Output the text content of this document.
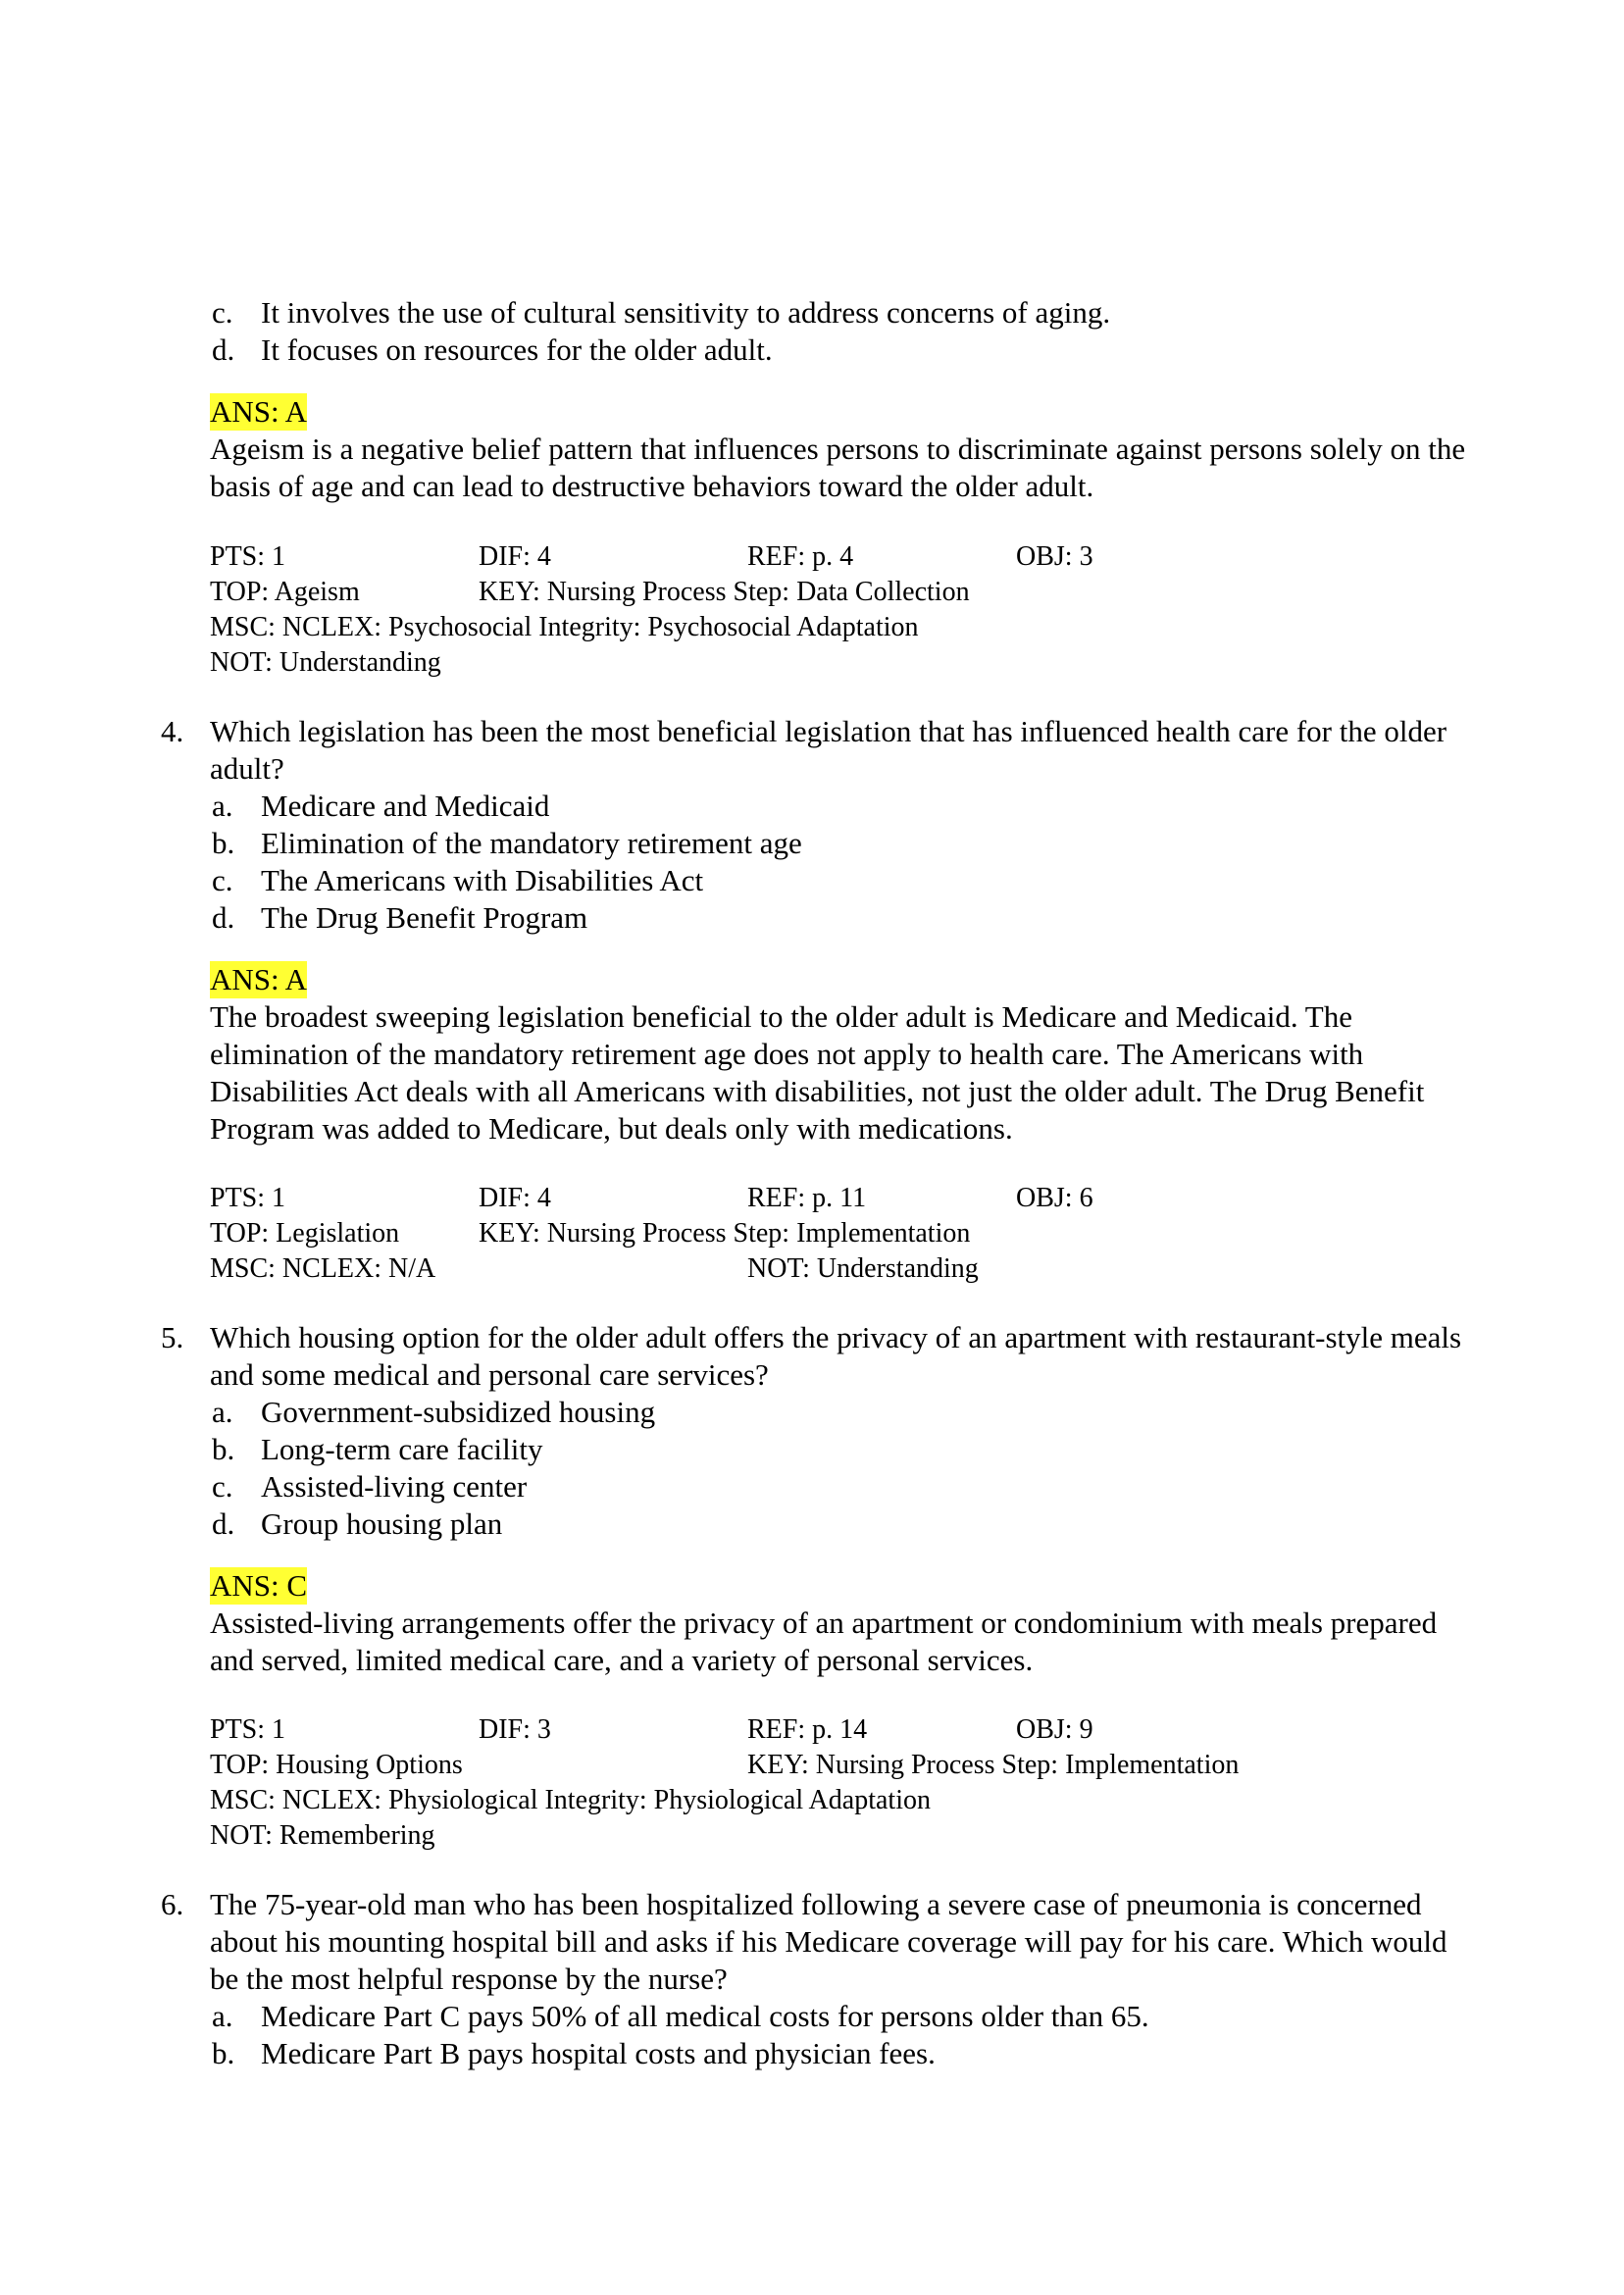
c. It involves the use of cultural sensitivity to address concerns of aging.
d. It focuses on resources for the older adult.
ANS: A
Ageism is a negative belief pattern that influences persons to discriminate against persons solely on the
basis of age and can lead to destructive behaviors toward the older adult.
PTS: 1	DIF: 4	REF: p. 4	OBJ: 3
TOP: Ageism	KEY: Nursing Process Step: Data Collection
MSC: NCLEX: Psychosocial Integrity: Psychosocial Adaptation
NOT: Understanding
4. Which legislation has been the most beneficial legislation that has influenced health care for the older
adult?
a. Medicare and Medicaid
b. Elimination of the mandatory retirement age
c. The Americans with Disabilities Act
d. The Drug Benefit Program
ANS: A
The broadest sweeping legislation beneficial to the older adult is Medicare and Medicaid. The
elimination of the mandatory retirement age does not apply to health care. The Americans with
Disabilities Act deals with all Americans with disabilities, not just the older adult. The Drug Benefit
Program was added to Medicare, but deals only with medications.
PTS: 1	DIF: 4	REF: p. 11	OBJ: 6
TOP: Legislation	KEY: Nursing Process Step: Implementation
MSC: NCLEX: N/A	NOT: Understanding
5. Which housing option for the older adult offers the privacy of an apartment with restaurant-style meals
and some medical and personal care services?
a. Government-subsidized housing
b. Long-term care facility
c. Assisted-living center
d. Group housing plan
ANS: C
Assisted-living arrangements offer the privacy of an apartment or condominium with meals prepared
and served, limited medical care, and a variety of personal services.
PTS: 1	DIF: 3	REF: p. 14	OBJ: 9
TOP: Housing Options	KEY: Nursing Process Step: Implementation
MSC: NCLEX: Physiological Integrity: Physiological Adaptation
NOT: Remembering
6. The 75-year-old man who has been hospitalized following a severe case of pneumonia is concerned
about his mounting hospital bill and asks if his Medicare coverage will pay for his care. Which would
be the most helpful response by the nurse?
a. Medicare Part C pays 50% of all medical costs for persons older than 65.
b. Medicare Part B pays hospital costs and physician fees.
